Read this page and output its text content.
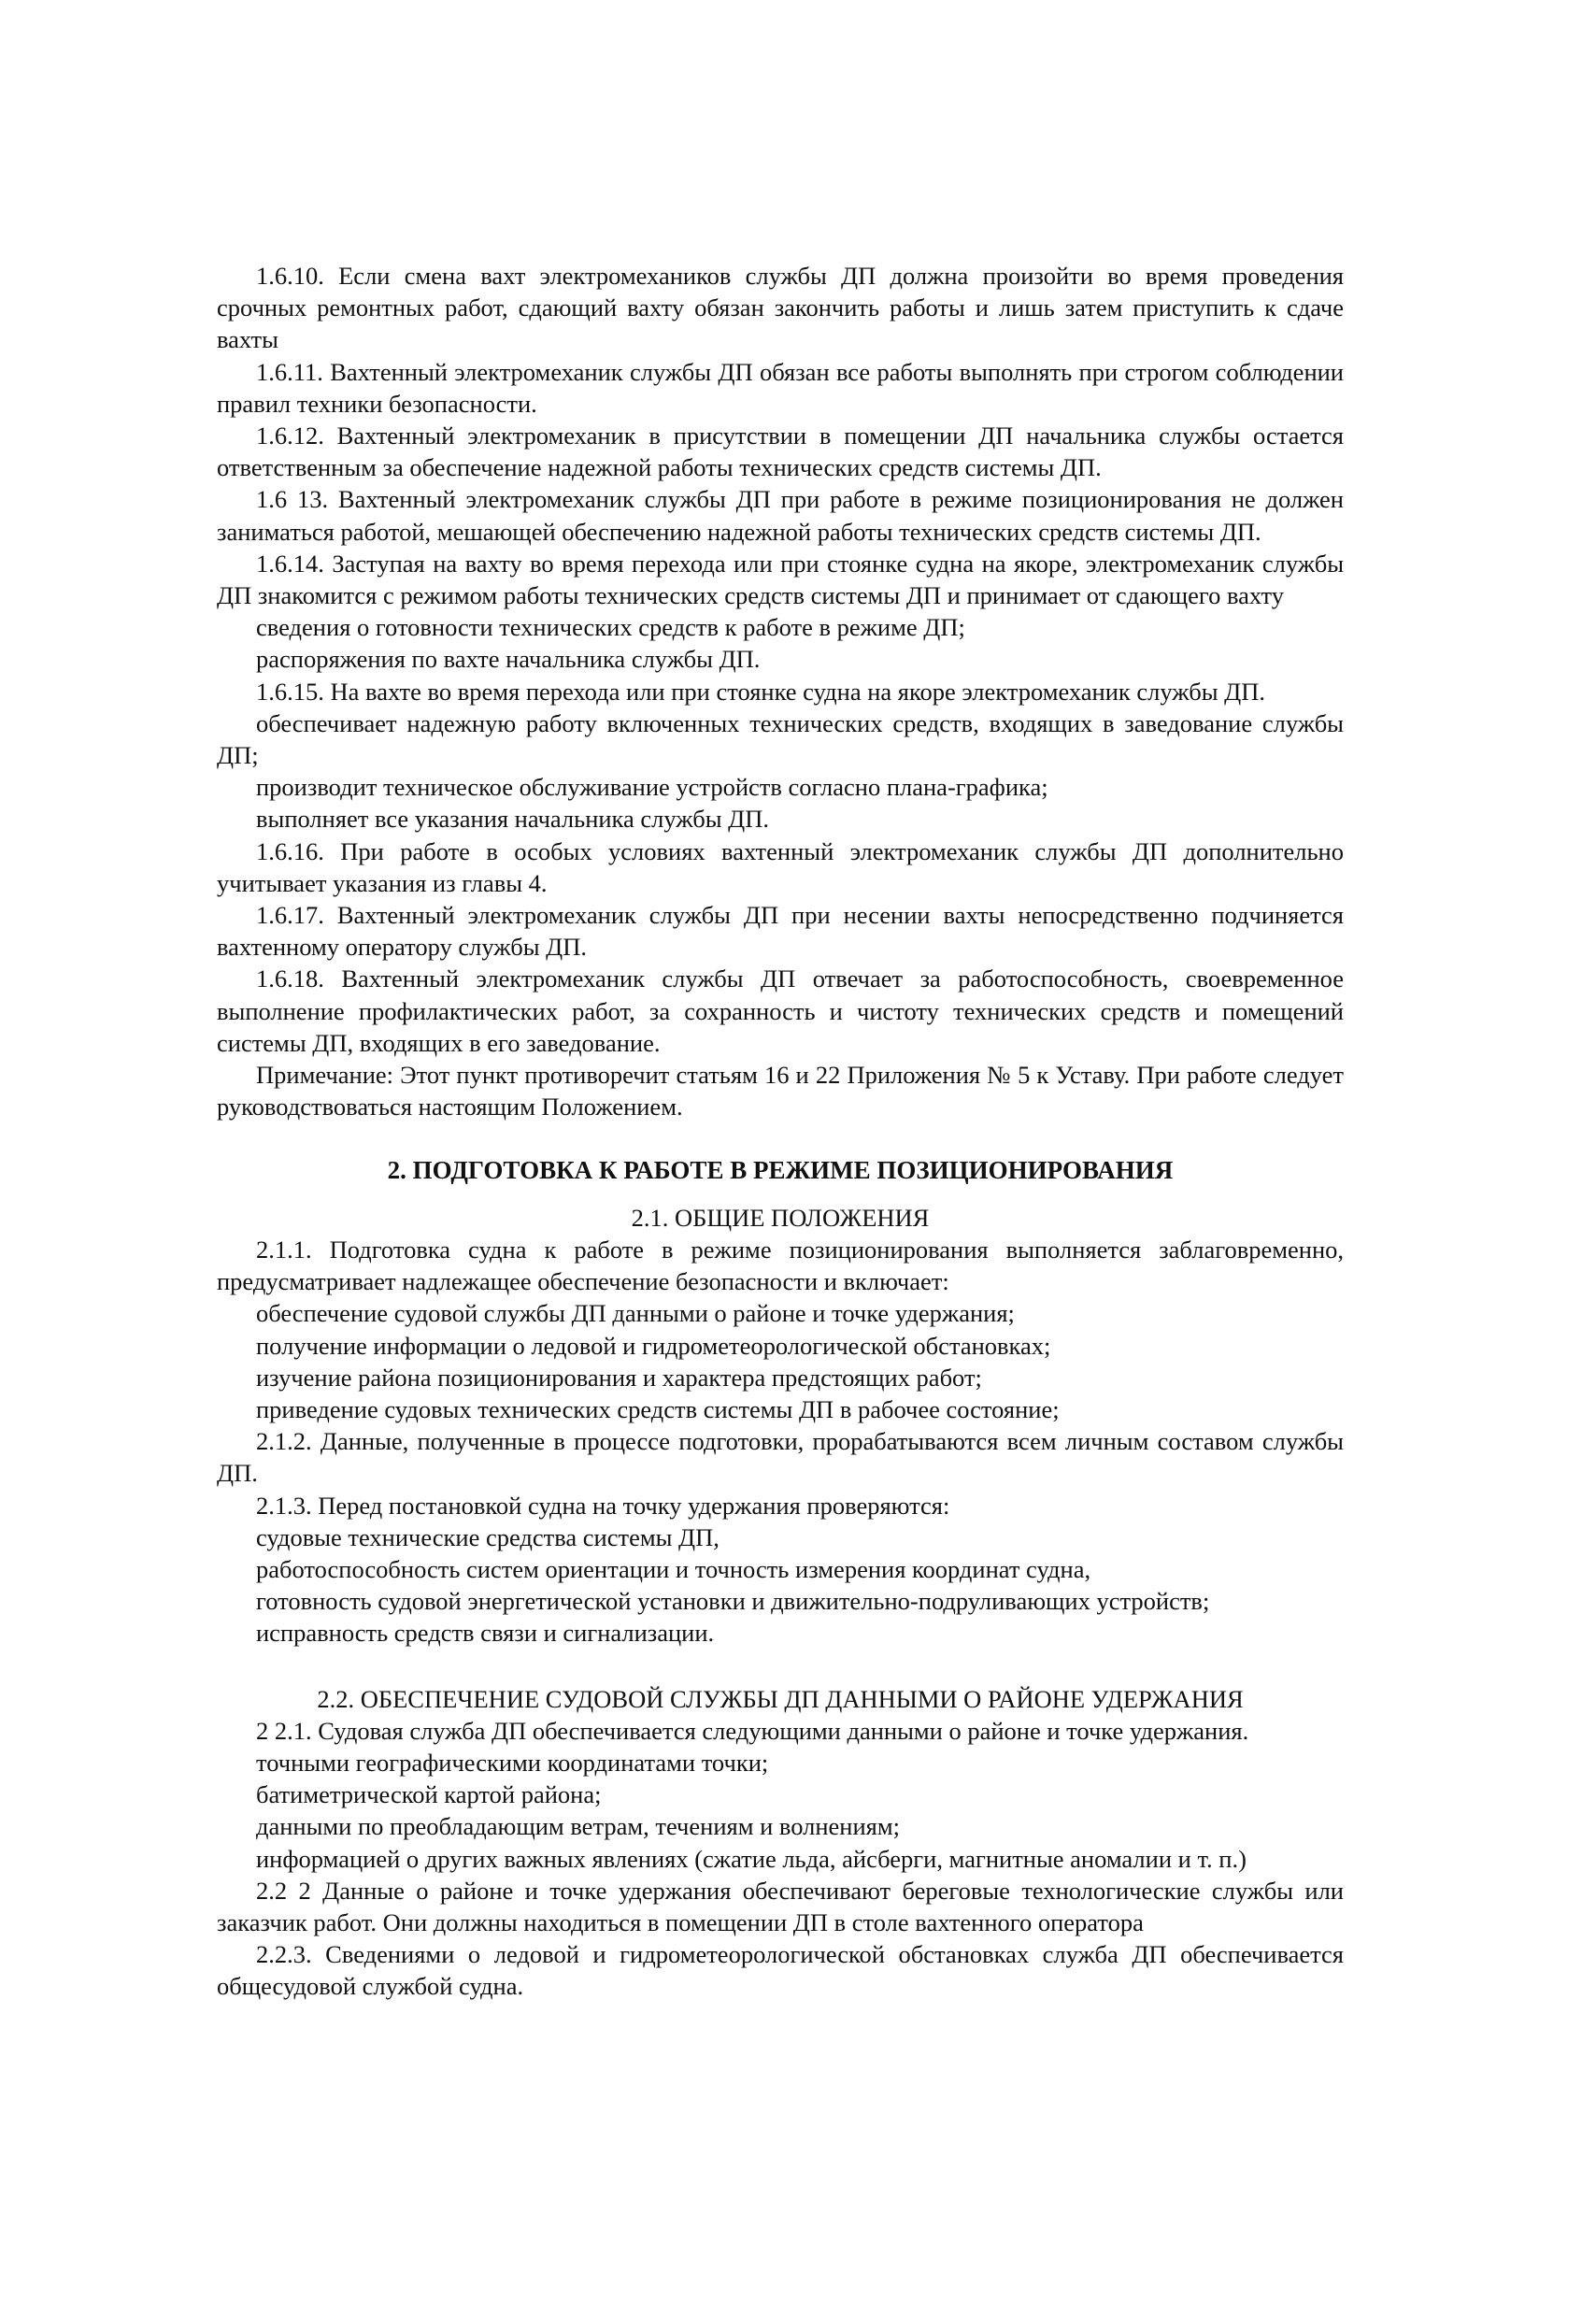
1.6.10. Если смена вахт электромехаников службы ДП должна произойти во время проведения срочных ремонтных работ, сдающий вахту обязан закончить работы и лишь затем приступить к сдаче вахты

1.6.11. Вахтенный электромеханик службы ДП обязан все работы выполнять при строгом соблюдении правил техники безопасности.

1.6.12. Вахтенный электромеханик в присутствии в помещении ДП начальника службы остается ответственным за обеспечение надежной работы технических средств системы ДП.

1.6 13. Вахтенный электромеханик службы ДП при работе в режиме позиционирования не должен заниматься работой, мешающей обеспечению надежной работы технических средств системы ДП.

1.6.14. Заступая на вахту во время перехода или при стоянке судна на якоре, электромеханик службы ДП знакомится с режимом работы технических средств системы ДП и принимает от сдающего вахту

сведения о готовности технических средств к работе в режиме ДП;

распоряжения по вахте начальника службы ДП.

1.6.15. На вахте во время перехода или при стоянке судна на якоре электромеханик службы ДП.

обеспечивает надежную работу включенных технических средств, входящих в заведование службы ДП;

производит техническое обслуживание устройств согласно плана-графика;

выполняет все указания начальника службы ДП.

1.6.16. При работе в особых условиях вахтенный электромеханик службы ДП дополнительно учитывает указания из главы 4.

1.6.17. Вахтенный электромеханик службы ДП при несении вахты непосредственно подчиняется вахтенному оператору службы ДП.

1.6.18. Вахтенный электромеханик службы ДП отвечает за работоспособность, своевременное выполнение профилактических работ, за сохранность и чистоту технических средств и помещений системы ДП, входящих в его заведование.

Примечание: Этот пункт противоречит статьям 16 и 22 Приложения № 5 к Уставу. При работе следует руководствоваться настоящим Положением.

2. ПОДГОТОВКА К РАБОТЕ В РЕЖИМЕ ПОЗИЦИОНИРОВАНИЯ
2.1. ОБЩИЕ ПОЛОЖЕНИЯ

2.1.1. Подготовка судна к работе в режиме позиционирования выполняется заблаговременно, предусматривает надлежащее обеспечение безопасности и включает:

обеспечение судовой службы ДП данными о районе и точке удержания;

получение информации о ледовой и гидрометеорологической обстановках;

изучение района позиционирования и характера предстоящих работ;

приведение судовых технических средств системы ДП в рабочее состояние;

2.1.2. Данные, полученные в процессе подготовки, прорабатываются всем личным составом службы ДП.

2.1.3. Перед постановкой судна на точку удержания проверяются:

судовые технические средства системы ДП,

работоспособность систем ориентации и точность измерения координат судна,

готовность судовой энергетической установки и движительно-подруливающих устройств;

исправность средств связи и сигнализации.

2.2. ОБЕСПЕЧЕНИЕ СУДОВОЙ СЛУЖБЫ ДП ДАННЫМИ О РАЙОНЕ УДЕРЖАНИЯ

2 2.1. Судовая служба ДП обеспечивается следующими данными о районе и точке удержания.

точными географическими координатами точки;

батиметрической картой района;

данными по преобладающим ветрам, течениям и волнениям;

информацией о других важных явлениях (сжатие льда, айсберги, магнитные аномалии и т. п.)

2.2 2 Данные о районе и точке удержания обеспечивают береговые технологические службы или заказчик работ. Они должны находиться в помещении ДП в столе вахтенного оператора

2.2.3. Сведениями о ледовой и гидрометеорологической обстановках служба ДП обеспечивается общесудовой службой судна.
